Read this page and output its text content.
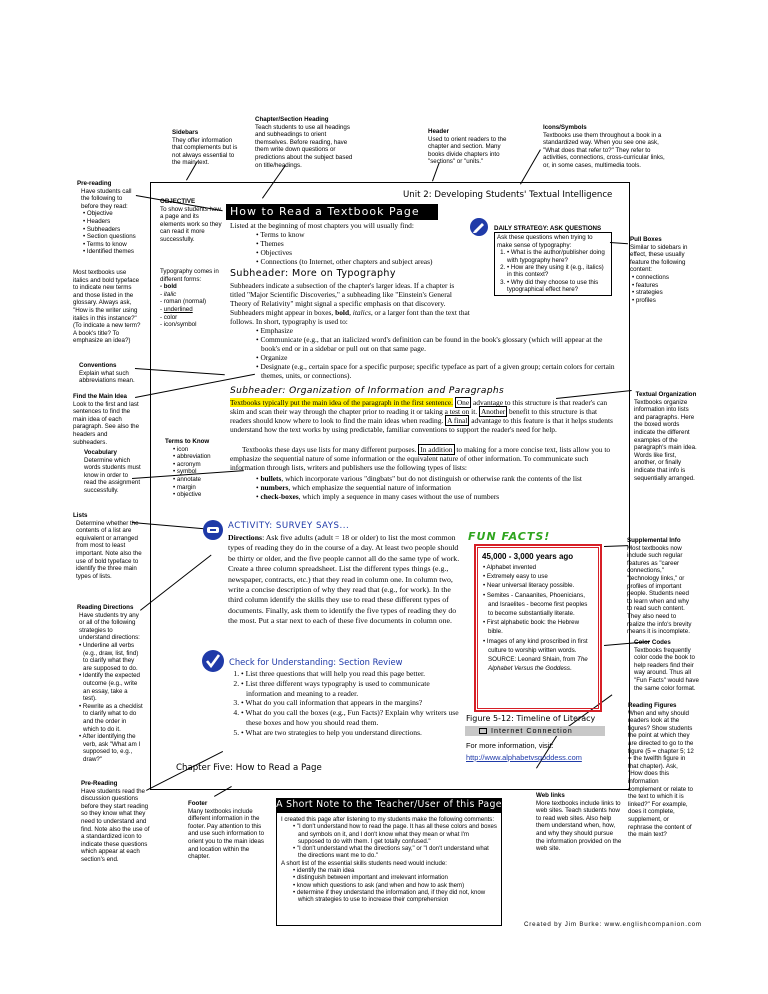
Sidebars
They offer information that complements but is not always essential to the main text.
Chapter/Section Heading
Teach students to use all headings and subheadings to orient themselves. Before reading, have them write down questions or predictions about the subject based on title/headings.
Header
Used to orient readers to the chapter and section. Many books divide chapters into "sections" or "units."
Icons/Symbols
Textbooks use them throughout a book in a standardized way. When you see one ask, "What does that refer to?" They refer to activities, connections, cross-curricular links, or, in some cases, multimedia tools.
Pre-reading
Have students call the following to before they read:
• Objective
• Headers
• Subheaders
• Section questions
• Terms to know
• Identified themes
Most textbooks use italics and bold typeface to indicate new terms and those listed in the glossary. Always ask, "How is the writer using italics in this instance?" (To indicate a new term? A book's title? To emphasize an idea?)
Conventions
Explain what such abbreviations mean.
Find the Main Idea
Look to the first and last sentences to find the main idea of each paragraph. See also the headers and subheaders.
Vocabulary
Determine which words students must know in order to read the assignment successfully.
Lists
Determine whether the contents of a list are equivalent or arranged from most to least important. Note also the use of bold typeface to identify the three main types of lists.
Reading Directions
Have students try any or all of the following strategies to understand directions:
• Underline all verbs (e.g., draw, list, find) to clarify what they are supposed to do.
• Identify the expected outcome (e.g., write an essay, take a test).
• Rewrite as a checklist to clarify what to do and the order in which to do it.
• After identifying the verb, ask "What am I supposed to, e.g., draw?"
Pre-Reading
Have students read the discussion questions before they start reading so they know what they need to understand and find. Note also the use of a standardized icon to indicate these questions which appear at each section's end.
OBJECTIVE
To show students how a page and its elements work so they can read it more successfully.
Typography comes in different forms:
- bold
- italic
- roman (normal)
- underlined
- color
- icon/symbol
Terms to Know
• icon
• abbreviation
• acronym
• symbol
• annotate
• margin
• objective
Pull Boxes
Similar to sidebars in effect, these usually feature the following content:
• connections
• features
• strategies
• profiles
Textual Organization
Textbooks organize information into lists and paragraphs. Here the boxed words indicate the different examples of the paragraph's main idea. Words like first, another, or finally indicate that info is sequentially arranged.
Supplemental Info
Most textbooks now include such regular features as "career connections," "technology links," or profiles of important people. Students need to learn when and why to read such content. They also need to realize the info's brevity means it is incomplete.
Color Codes
Textbooks frequently color code the book to help readers find their way around. Thus all "Fun Facts" would have the same color format.
Reading Figures
When and why should readers look at the figures? Show students the point at which they are directed to go to the figure (5 = chapter 5; 12 = the twelfth figure in that chapter). Ask, "How does this information complement or relate to the text to which it is linked?" For example, does it complete, supplement, or rephrase the content of the main text?
Web links
More textbooks include links to web sites. Teach students how to read web sites. Also help them understand when, how, and why they should pursue the information provided on the web site.
Footer
Many textbooks include different information in the footer. Pay attention to this and use such information to orient you to the main ideas and location within the chapter.
Unit 2: Developing Students' Textual Intelligence
How to Read a Textbook Page
DAILY STRATEGY: ASK QUESTIONS
Ask these questions when trying to make sense of typography:
• 1. What is the author/publisher doing with typography here?
• 2. How are they using it (e.g., italics) in this context?
• 3. Why did they choose to use this typographical effect here?
Listed at the beginning of most chapters you will usually find:
• Terms to know
• Themes
• Objectives
• Connections (to Internet, other chapters and subject areas)
Subheader: More on Typography
Subheaders indicate a subsection of the chapter's larger ideas. If a chapter is titled "Major Scientific Discoveries," a subheading like "Einstein's General Theory of Relativity" might signal a specific emphasis on that discovery. Subheaders might appear in boxes, bold, italics, or a larger font than the text that follows. In short, typography is used to:
• Emphasize
• Communicate (e.g., that an italicized word's definition can be found in the book's glossary (which will appear at the book's end or in a sidebar or pull out on that same page.
• Organize
• Designate (e.g., certain space for a specific purpose; specific typeface as part of a given group; certain colors for certain themes, units, or connections).
Subheader: Organization of Information and Paragraphs
Textbooks typically put the main idea of the paragraph in the first sentence. One advantage to this structure is that reader's can skim and scan their way through the chapter prior to reading it or taking a test on it. Another benefit to this structure is that readers should know where to look to find the main ideas when reading. A final advantage to this feature is that it helps students understand how the text works by using predictable, familiar conventions to support the reader's need for help.
Textbooks these days use lists for many different purposes. In addition to making for a more concise text, lists allow you to emphasize the sequential nature of some information or the equivalent nature of other information. To communicate such information through lists, writers and publishers use the following types of lists:
• bullets, which incorporate various "dingbats" but do not distinguish or otherwise rank the contents of the list
• numbers, which emphasize the sequential nature of information
• check-boxes, which imply a sequence in many cases without the use of numbers
ACTIVITY: SURVEY SAYS...
Directions: Ask five adults (adult = 18 or older) to list the most common types of reading they do in the course of a day. At least two people should be thirty or older, and the five people cannot all do the same type of work. Create a three column spreadsheet. List the different types things (e.g., newspaper, contracts, etc.) that they read in column one. In column two, write a concise description of why they read that (e.g., for work). In the third column identify the skills they use to read these different types of documents. Finally, ask them to identify the five types of reading they do the most. Put a star next to each of these five documents in column one.
Check for Understanding: Section Review
• 1. List three questions that will help you read this page better.
• 2. List three different ways typography is used to communicate information and meaning to a reader.
• 3. What do you call information that appears in the margins?
• 4. What do you call the boxes (e.g., Fun Facts)? Explain why writers use these boxes and how you should read them.
• 5. What are two strategies to help you understand directions.
FUN FACTS!
45,000 - 3,000 years ago
• Alphabet invented
• Extremely easy to use
• Near universal literacy possible.
• Semites - Canaanites, Phoenicians, and Israelites - become first peoples to become substantially literate.
• First alphabetic book: the Hebrew bible.
• Images of any kind proscribed in first culture to worship written words.
SOURCE: Leonard Shlain, from The Alphabet Versus the Goddess.
Figure 5-12: Timeline of Literacy
Internet Connection
For more information, visit:
http://www.alphabetvsgoddess.com
Chapter Five: How to Read a Page
A Short Note to the Teacher/User of this Page
I created this page after listening to my students make the following comments:
• "I don't understand how to read the page. It has all these colors and boxes and symbols on it, and I don't know what they mean or what I'm supposed to do with them. I get totally confused."
• "I don't understand what the directions say," or "I don't understand what the directions want me to do."
A short list of the essential skills students need would include:
• identify the main idea
• distinguish between important and irrelevant information
• know which questions to ask (and when and how to ask them)
• determine if they understand the information and, if they did not, know which strategies to use to increase their comprehension
Created by Jim Burke: www.englishcompanion.com
